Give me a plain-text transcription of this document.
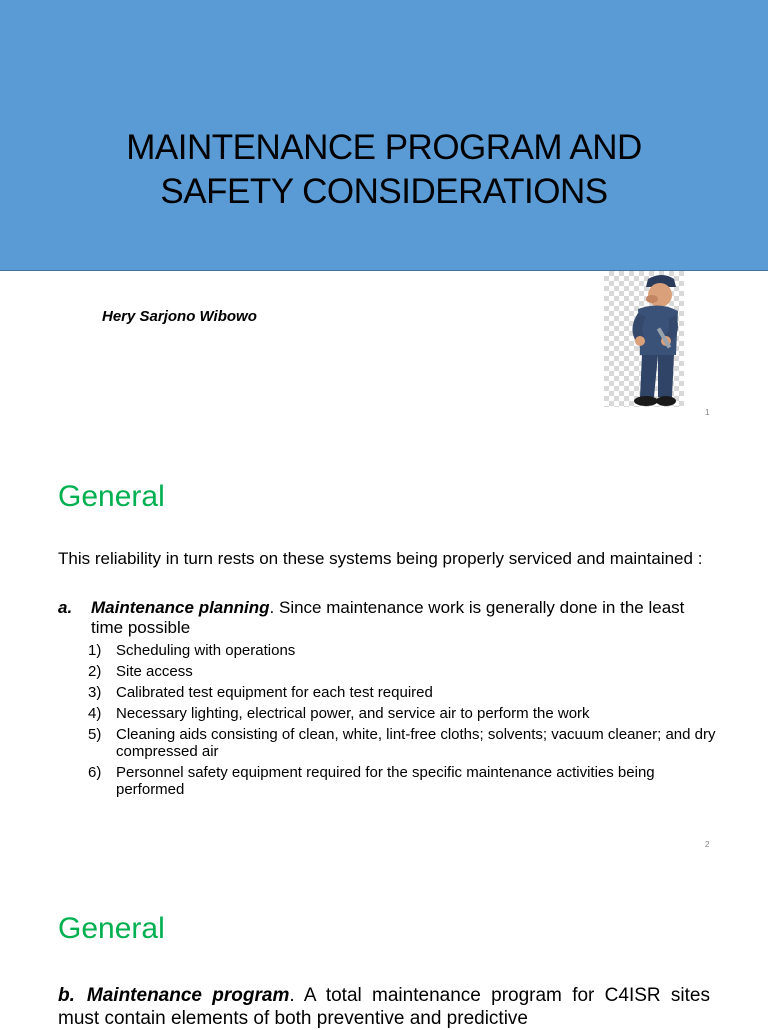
MAINTENANCE PROGRAM AND
SAFETY CONSIDERATIONS
Hery Sarjono Wibowo
1
General
This reliability in turn rests on these systems being properly serviced and maintained :
a. Maintenance planning. Since maintenance work is generally done in the least time possible
1) Scheduling with operations
2) Site access
3) Calibrated test equipment for each test required
4) Necessary lighting, electrical power, and service air to perform the work
5) Cleaning aids consisting of clean, white, lint-free cloths; solvents; vacuum cleaner; and dry compressed air
6) Personnel safety equipment required for the specific maintenance activities being performed
2
General
b. Maintenance program. A total maintenance program for C4ISR sites must contain elements of both preventive and predictive
